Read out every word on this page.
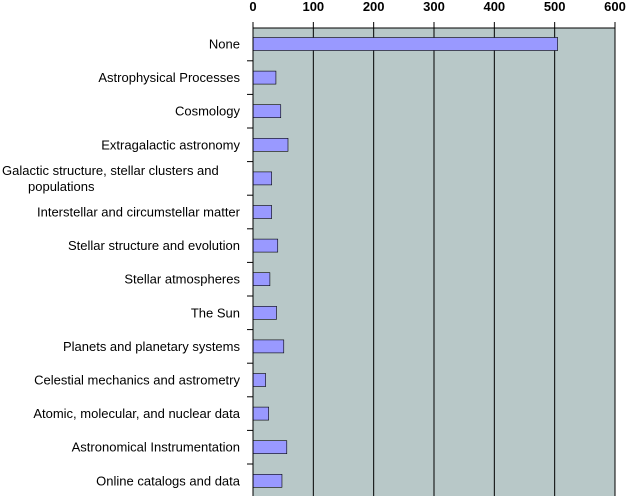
0	100	200	300	400	500	600
None
Astrophysical Processes
Cosmology
Extragalactic astronomy
Galactic structure, stellar clusters and populations
Interstellar and circumstellar matter
Stellar structure and evolution
Stellar atmospheres
The Sun
Planets and planetary systems
Celestial mechanics and astrometry
Atomic, molecular, and nuclear data
Astronomical Instrumentation
Online catalogs and data
